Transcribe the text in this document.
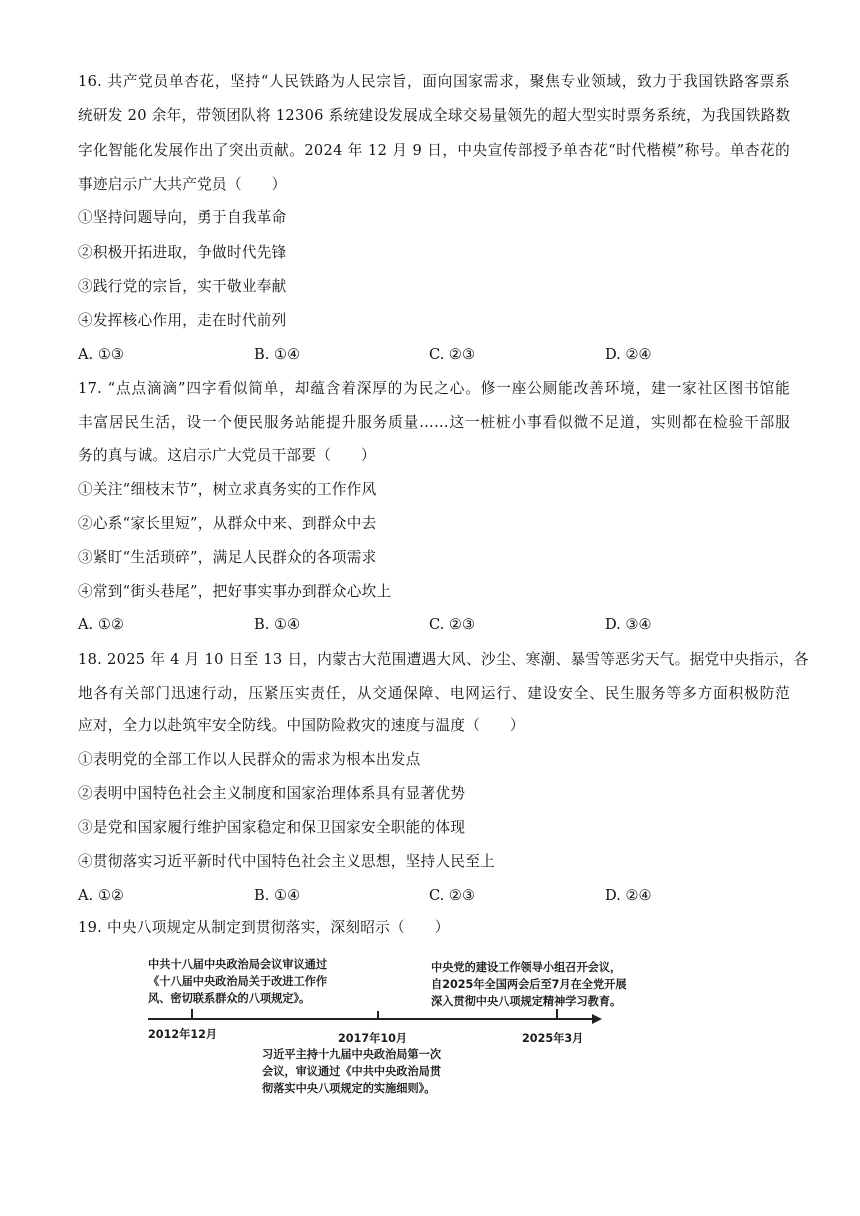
16. 共产党员单杏花，坚持“人民铁路为人民宗旨，面向国家需求，聚焦专业领域，致力于我国铁路客票系
统研发 20 余年，带领团队将 12306 系统建设发展成全球交易量领先的超大型实时票务系统，为我国铁路数
字化智能化发展作出了突出贡献。2024 年 12 月 9 日，中央宣传部授予单杏花“时代楷模”称号。单杏花的
事迹启示广大共产党员（　　）
①坚持问题导向，勇于自我革命
②积极开拓进取，争做时代先锋
③践行党的宗旨，实干敬业奉献
④发挥核心作用，走在时代前列
A. ①③	B. ①④	C. ②③	D. ②④
17. “点点滴滴”四字看似简单，却蕴含着深厚的为民之心。修一座公厕能改善环境，建一家社区图书馆能
丰富居民生活，设一个便民服务站能提升服务质量……这一桩桩小事看似微不足道，实则都在检验干部服
务的真与诚。这启示广大党员干部要（　　）
①关注“细枝末节”，树立求真务实的工作作风
②心系“家长里短”，从群众中来、到群众中去
③紧盯“生活琐碎”，满足人民群众的各项需求
④常到“街头巷尾”，把好事实事办到群众心坎上
A. ①②	B. ①④	C. ②③	D. ③④
18. 2025 年 4 月 10 日至 13 日，内蒙古大范围遭遇大风、沙尘、寒潮、暴雪等恶劣天气。据党中央指示，各
地各有关部门迅速行动，压紧压实责任，从交通保障、电网运行、建设安全、民生服务等多方面积极防范
应对，全力以赴筑牢安全防线。中国防险救灾的速度与温度（　　）
①表明党的全部工作以人民群众的需求为根本出发点
②表明中国特色社会主义制度和国家治理体系具有显著优势
③是党和国家履行维护国家稳定和保卫国家安全职能的体现
④贯彻落实习近平新时代中国特色社会主义思想，坚持人民至上
A. ①②	B. ①④	C. ②③	D. ②④
19. 中央八项规定从制定到贯彻落实，深刻昭示（　　）
2012年12月	2017年10月	2025年3月
中共十八届中央政治局会议审议通过
《十八届中央政治局关于改进工作作
风、密切联系群众的八项规定》。
中央党的建设工作领导小组召开会议，
自2025年全国两会后至7月在全党开展
深入贯彻中央八项规定精神学习教育。
习近平主持十九届中央政治局第一次
会议，审议通过《中共中央政治局贯
彻落实中央八项规定的实施细则》。
